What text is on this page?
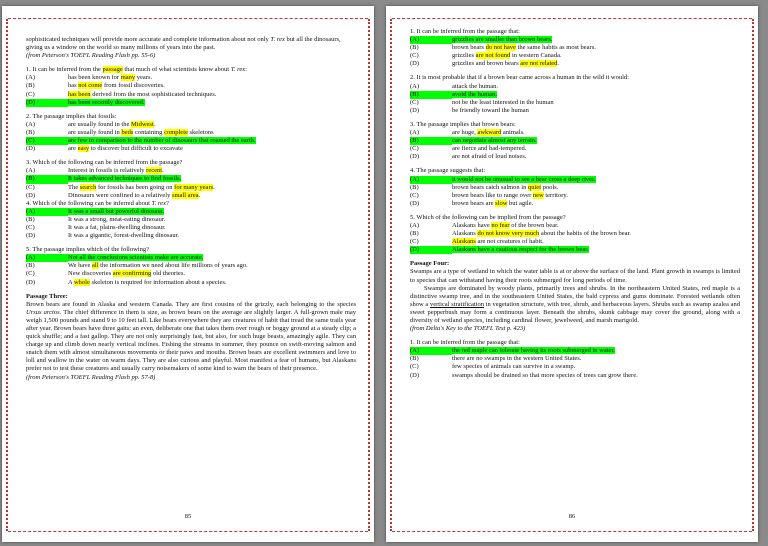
sophisticated techniques will provide more accurate and complete information about not only T. rex but all the dinosaurs, giving us a window on the world so many millions of years into the past.

(from Peterson's TOEFL Reading Flash pp. 55-6)

1. It can be inferred from the passage that much of what scientists know about T. rex:

(A)	has been known for many years.
(B)	has not come from fossil discoveries.
(C)	has been derived from the most sophisticated techniques.
(D)	has been recently discovered.

2. The passage implies that fossils:

(A)	are usually found in the Midwest.
(B)	are usually found in beds containing complete skeletons
(C)	are few in comparison to the number of dinosaurs that roamed the earth.
(D)	are easy to discover but difficult to excavate

3. Which of the following can be inferred from the passage?

(A)	Interest in fossils is relatively recent.
(B)	It takes advanced techniques to find fossils.
(C)	The search for fossils has been going on for many years.
(D)	Dinosaurs were confined to a relatively small area.

4. Which of the following can be inferred about T. rex?

(A)	It was a small but powerful dinosaur.
(B)	It was a strong, meat-eating dinosaur.
(C)	It was a fat, plains-dwelling dinosaur.
(D)	It was a gigantic, forest-dwelling dinosaur.

5. The passage implies which of the following?

(A)	Not all the conclusions scientists make are accurate.
(B)	We have all the information we need about life millions of years ago.
(C)	New discoveries are confirming old theories.
(D)	A whole skeleton is required for information about a species.

Passage Three:

Brown bears are found in Alaska and western Canada. They are first cousins of the grizzly, each belonging to the species Ursus arctos. The chief difference in them is size, as brown bears on the average are slightly larger. A full-grown male may weigh 1,500 pounds and stand 9 to 10 feet tall. Like bears everywhere they are creatures of habit that tread the same trails year after year. Brown bears have three gaits: an even, deliberate one that takes them over rough or boggy ground at a steady clip; a quick shuffle; and a fast gallop. They are not only surprisingly fast, but also, for such huge beasts, amazingly agile. They can charge up and climb down nearly vertical inclines. Fishing the streams in summer, they pounce on swift-moving salmon and snatch them with almost simultaneous movements or their paws and mouths. Brown bears are excellent swimmers and love to loll and wallow in the water on warm days. They are also curious and playful. Most manifest a fear of humans, but Alaskans prefer not to test these creatures and usually carry noisemakers of some kind to warn the bears of their presence.

(from Peterson's TOEFL Reading Flash pp. 57-8)

85

1. It can be inferred from the passage that:

(A)	grizzlies are smaller than brown bears.
(B)	brown bears do not have the same habits as most bears.
(C)	grizzlies are not found in western Canada.
(D)	grizzlies and brown bears are not related.

2. It is most probable that if a brown bear came across a human in the wild it would:

(A)	attack the human.
(B)	avoid the human.
(C)	not be the least interested in the human
(D)	be friendly toward the human

3. The passage implies that brown bears:

(A)	are huge, awkward animals.
(B)	can negotiate almost any terrain.
(C)	are fierce and bad-tempered.
(D)	are not afraid of loud noises.

4. The passage suggests that:

(A)	it would not be unusual to see a bear cross a deep river.
(B)	brown bears catch salmon in quiet pools.
(C)	brown bears like to range over new territory.
(D)	brown bears are slow but agile.

5. Which of the following can be implied from the passage?

(A)	Alaskans have no fear of the brown bear.
(B)	Alaskans do not know very much about the habits of the brown bear.
(C)	Alaskans are not creatures of habit.
(D)	Alaskans have a cautious respect for the brown bear.

Passage Four:

Swamps are a type of wetland in which the water table is at or above the surface of the land. Plant growth in swamps is limited to species that can withstand having their roots submerged for long periods of time.

Swamps are dominated by woody plants, primarily trees and shrubs. In the northeastern United States, red maple is a distinctive swamp tree, and in the southeastern United States, the bald cypress and gums dominate. Forested wetlands often show a vertical stratification in vegetation structure, with tree, shrub, and herbaceous layers. Shrubs such as swamp azalea and sweet pepperbush may form a continuous layer. Beneath the shrubs, skunk cabbage may cover the ground, along with a diversity of wetland species, including cardinal flower, jewelweed, and marsh marigold.

(from Delta's Key to the TOEFL Test p. 423)

1. It can be inferred from the passage that:

(A)	the red maple can tolerate having its roots submerged in water.
(B)	there are no swamps in the western United States.
(C)	few species of animals can survive in a swamp.
(D)	swamps should be drained so that more species of trees can grow there.
86
